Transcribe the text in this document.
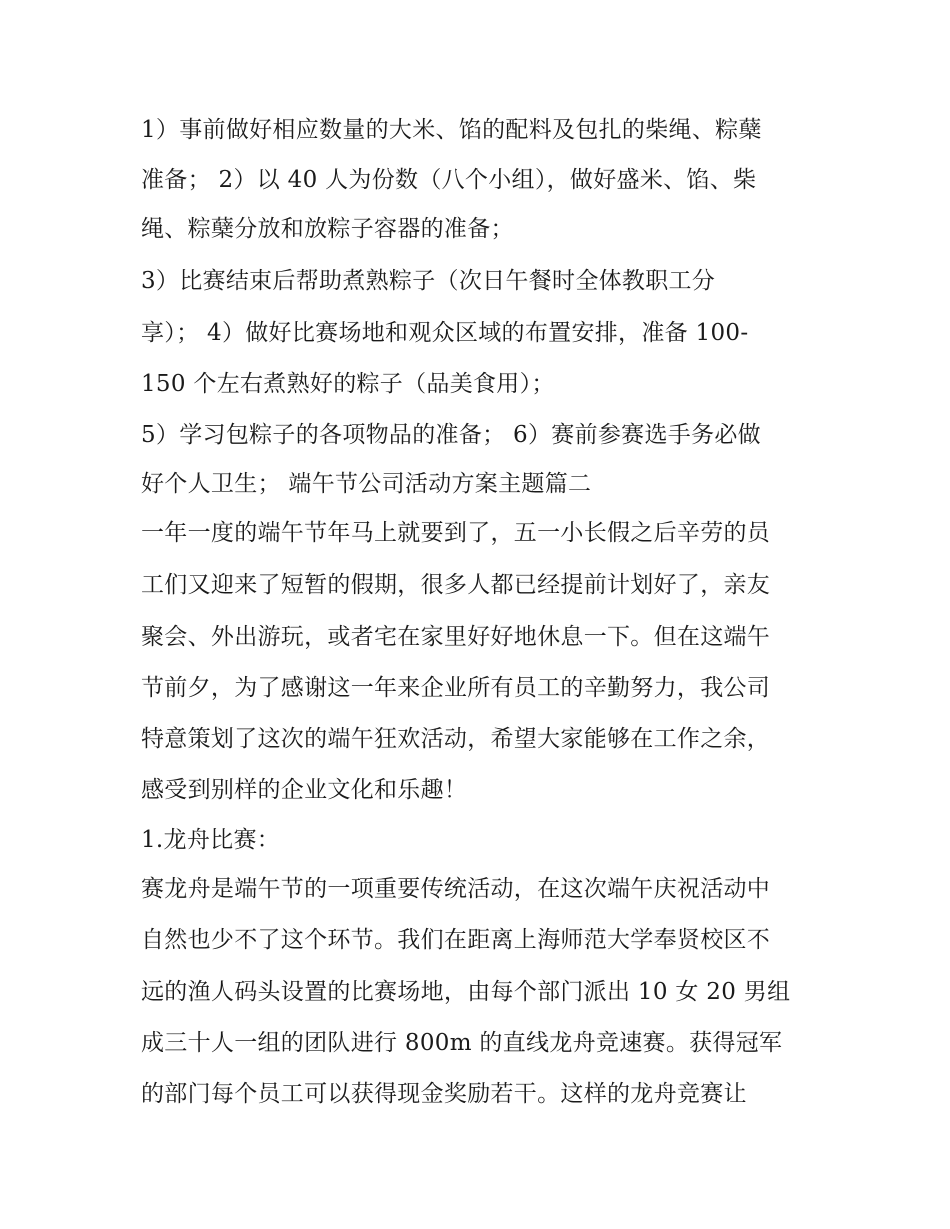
1）事前做好相应数量的大米、馅的配料及包扎的柴绳、粽蘖
准备； 2）以 40 人为份数（八个小组），做好盛米、馅、柴
绳、粽蘖分放和放粽子容器的准备；
3）比赛结束后帮助煮熟粽子（次日午餐时全体教职工分
享）； 4）做好比赛场地和观众区域的布置安排，准备 100-
150 个左右煮熟好的粽子（品美食用）；
5）学习包粽子的各项物品的准备； 6）赛前参赛选手务必做
好个人卫生； 端午节公司活动方案主题篇二
一年一度的端午节年马上就要到了，五一小长假之后辛劳的员
工们又迎来了短暂的假期，很多人都已经提前计划好了，亲友
聚会、外出游玩，或者宅在家里好好地休息一下。但在这端午
节前夕，为了感谢这一年来企业所有员工的辛勤努力，我公司
特意策划了这次的端午狂欢活动，希望大家能够在工作之余，
感受到别样的企业文化和乐趣！
1.龙舟比赛：
赛龙舟是端午节的一项重要传统活动，在这次端午庆祝活动中
自然也少不了这个环节。我们在距离上海师范大学奉贤校区不
远的渔人码头设置的比赛场地，由每个部门派出 10 女 20 男组
成三十人一组的团队进行 800m 的直线龙舟竞速赛。获得冠军
的部门每个员工可以获得现金奖励若干。这样的龙舟竞赛让
